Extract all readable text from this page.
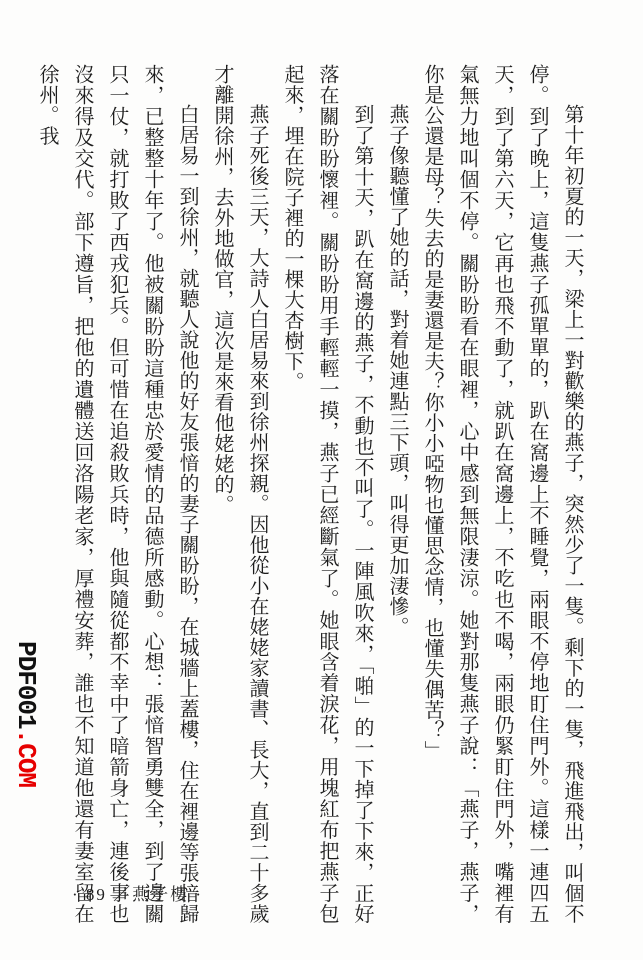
第十年初夏的一天，梁上一對歡樂的燕子，突然少了一隻。剩下的一隻，飛進飛出，叫個不停。到了晚上，這隻燕子孤單單的，趴在窩邊上不睡覺，兩眼不停地盯住門外。這樣一連四五天，到了第六天，它再也飛不動了，就趴在窩邊上，不吃也不喝，兩眼仍緊盯住門外，嘴裡有氣無力地叫個不停。關盼盼看在眼裡，心中感到無限淒涼。她對那隻燕子說：「燕子，燕子，你是公還是母？失去的是妻還是夫？你小小啞物也懂思念情，也懂失偶苦？」

燕子像聽懂了她的話，對着她連點三下頭，叫得更加淒慘。

到了第十天，趴在窩邊的燕子，不動也不叫了。一陣風吹來，「啪」的一下掉了下來，正好落在關盼盼懷裡。關盼盼用手輕輕一摸，燕子已經斷氣了。她眼含着淚花，用塊紅布把燕子包起來，埋在院子裡的一棵大杏樹下。

燕子死後三天，大詩人白居易來到徐州探親。因他從小在姥姥家讀書、長大，直到二十多歲才離開徐州，去外地做官，這次是來看他姥姥的。

白居易一到徐州，就聽人說他的好友張愔的妻子關盼盼，在城牆上蓋樓，住在裡邊等張愔歸來，已整整十年了。他被關盼盼這種忠於愛情的品德所感動。心想：張愔智勇雙全，到了邊關只一仗，就打敗了西戎犯兵。但可惜在追殺敗兵時，他與隨從都不幸中了暗箭身亡，連後事也沒來得及交代。部下遵旨，把他的遺體送回洛陽老家，厚禮安葬，誰也不知道他還有妻室留在徐州。我

PDF001.COM
· 89 ／燕子樓 ·
